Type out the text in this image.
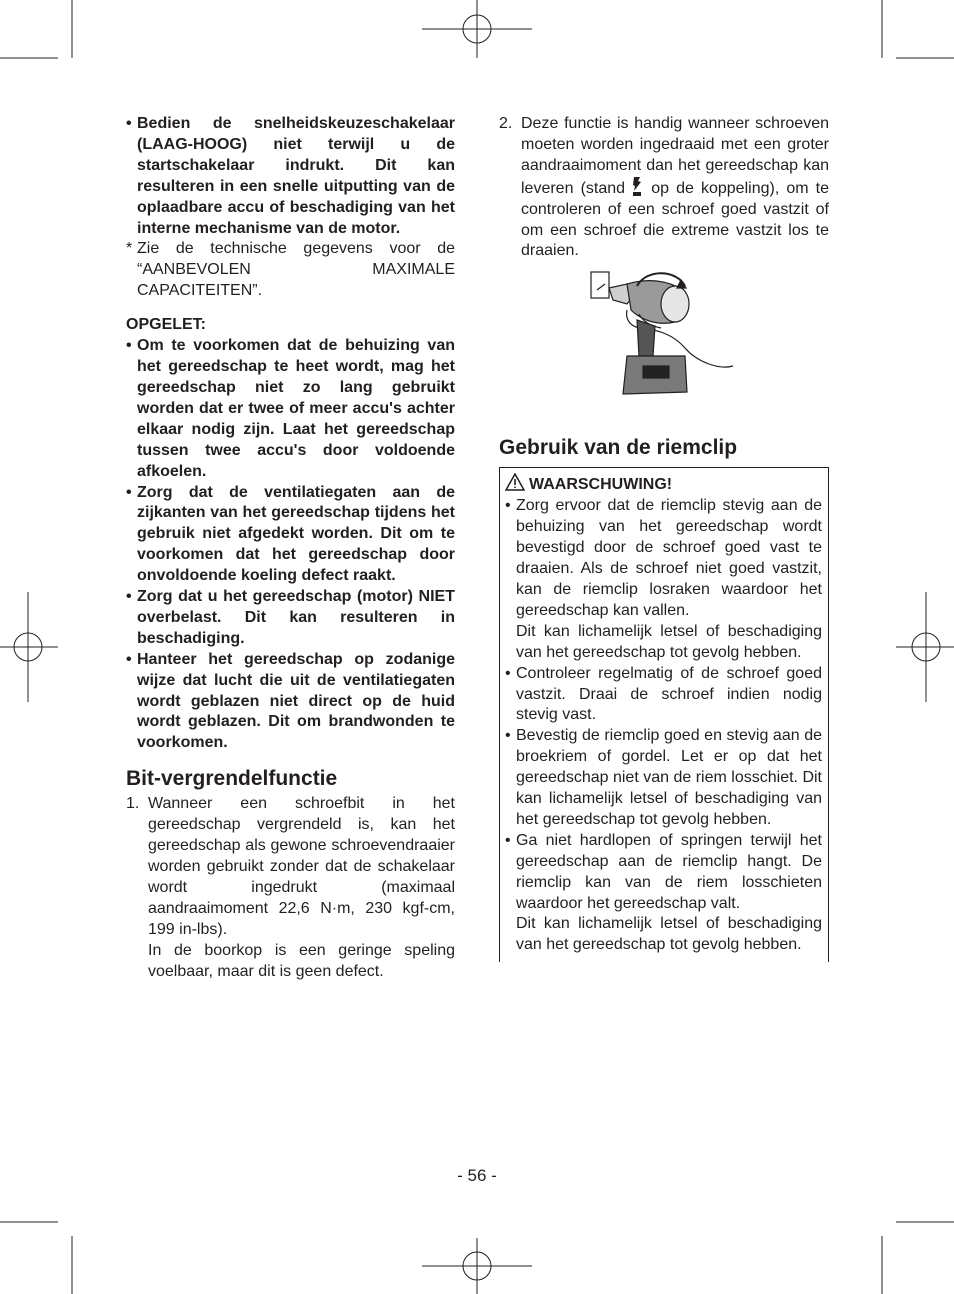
• Bedien de snelheidskeuzeschakelaar (LAAG-HOOG) niet terwijl u de startschakelaar indrukt. Dit kan resulteren in een snelle uitputting van de oplaadbare accu of beschadiging van het interne mechanisme van de motor.
* Zie de technische gegevens voor de “AANBEVOLEN MAXIMALE CAPACITEITEN”.
OPGELET:
• Om te voorkomen dat de behuizing van het gereedschap te heet wordt, mag het gereedschap niet zo lang gebruikt worden dat er twee of meer accu's achter elkaar nodig zijn. Laat het gereedschap tussen twee accu's door voldoende afkoelen.
• Zorg dat de ventilatiegaten aan de zijkanten van het gereedschap tijdens het gebruik niet afgedekt worden. Dit om te voorkomen dat het gereedschap door onvoldoende koeling defect raakt.
• Zorg dat u het gereedschap (motor) NIET overbelast. Dit kan resulteren in beschadiging.
• Hanteer het gereedschap op zodanige wijze dat lucht die uit de ventilatiegaten wordt geblazen niet direct op de huid wordt geblazen. Dit om brandwonden te voorkomen.
Bit-vergrendelfunctie
1. Wanneer een schroefbit in het gereedschap vergrendeld is, kan het gereedschap als gewone schroevendraaier worden gebruikt zonder dat de schakelaar wordt ingedrukt (maximaal aandraaimoment 22,6 N·m, 230 kgf-cm, 199 in-lbs).
In de boorkop is een geringe speling voelbaar, maar dit is geen defect.
2. Deze functie is handig wanneer schroeven moeten worden ingedraaid met een groter aandraaimoment dan het gereedschap kan leveren (stand op de koppeling), om te controleren of een schroef goed vastzit of om een schroef die extreme vastzit los te draaien.
Gebruik van de riemclip
WAARSCHUWING!
• Zorg ervoor dat de riemclip stevig aan de behuizing van het gereedschap wordt bevestigd door de schroef goed vast te draaien. Als de schroef niet goed vastzit, kan de riemclip losraken waardoor het gereedschap kan vallen.
Dit kan lichamelijk letsel of beschadiging van het gereedschap tot gevolg hebben.
• Controleer regelmatig of de schroef goed vastzit. Draai de schroef indien nodig stevig vast.
• Bevestig de riemclip goed en stevig aan de broekriem of gordel. Let er op dat het gereedschap niet van de riem losschiet. Dit kan lichamelijk letsel of beschadiging van het gereedschap tot gevolg hebben.
• Ga niet hardlopen of springen terwijl het gereedschap aan de riemclip hangt. De riemclip kan van de riem losschieten waardoor het gereedschap valt.
Dit kan lichamelijk letsel of beschadiging van het gereedschap tot gevolg hebben.
- 56 -
